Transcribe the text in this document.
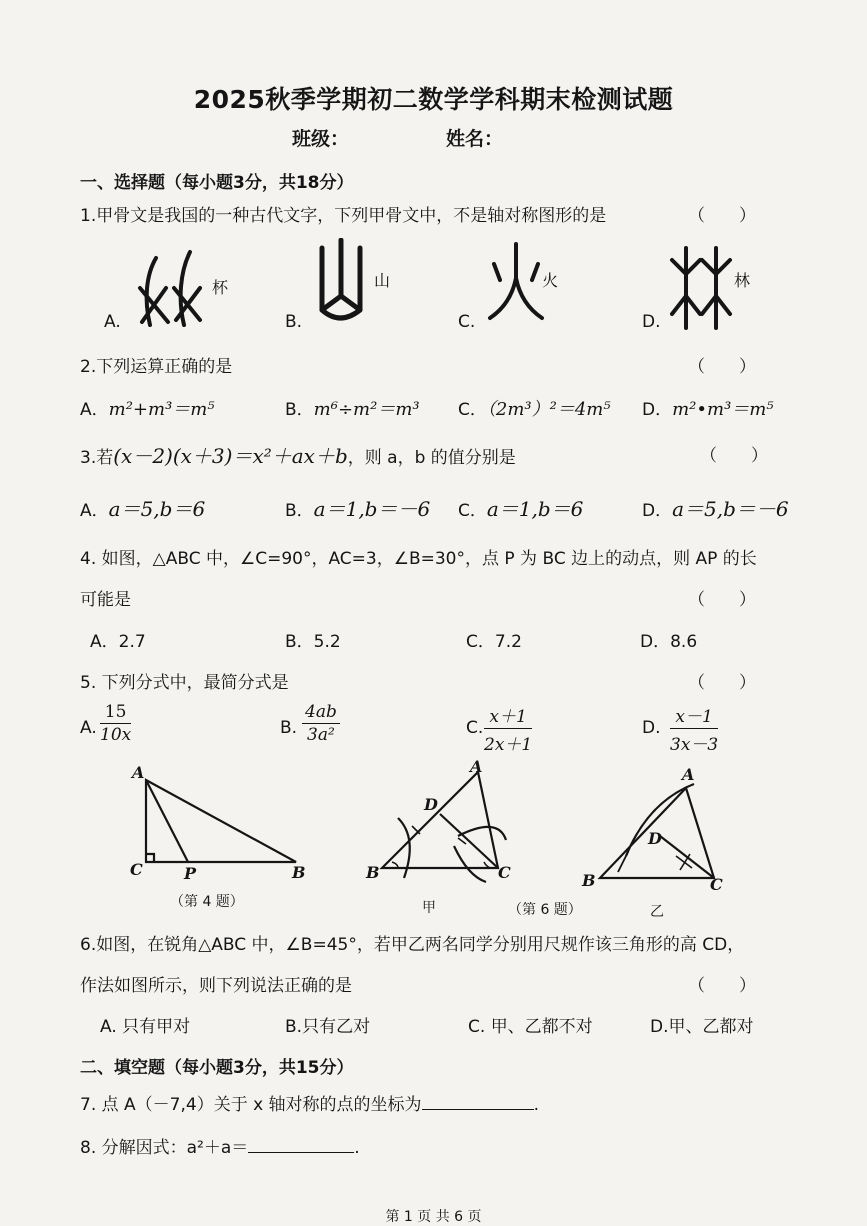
2025秋季学期初二数学学科期末检测试题
班级：	姓名：
一、选择题（每小题3分，共18分）
1.甲骨文是我国的一种古代文字，下列甲骨文中，不是轴对称图形的是	（　　）
A.
杯
B.
山
C.
火
D.
林
2.下列运算正确的是	（　　）
A．m²+m³＝m⁵	B．m⁶÷m²＝m³ C．（2m³）²＝4m⁵ D．m²•m³＝m⁵
3.若(x－2)(x＋3)＝x²＋ax＋b，则 a，b 的值分别是	（　　）
A．a＝5,b＝6	B．a＝1,b＝－6 C．a＝1,b＝6	D．a＝5,b＝－6
4. 如图，△ABC 中，∠C=90°，AC=3，∠B=30°，点 P 为 BC 边上的动点，则 AP 的长
可能是	（　　）
A．2.7	B．5.2	C．7.2	D．8.6
5. 下列分式中，最简分式是	（　　）
A. $\frac{15}{10x}$	B. $\frac{4ab}{\text{3a²}}$	C. $\frac{x+1}{2x+1}$	D. $\frac{x-1}{3x-3}$
A
C	P	B
（第 4 题）
A
D
B	C
甲	（第 6 题）
A
D
B	C
乙
6.如图，在锐角△ABC 中，∠B=45°，若甲乙两名同学分别用尺规作该三角形的高 CD，
作法如图所示，则下列说法正确的是	（　　）
A. 只有甲对	B.只有乙对	C. 甲、乙都不对	D.甲、乙都对
二、填空题（每小题3分，共15分）
7. 点 A（－7,4）关于 x 轴对称的点的坐标为	.
8. 分解因式：a²＋a＝	.
第 1 页 共 6 页
